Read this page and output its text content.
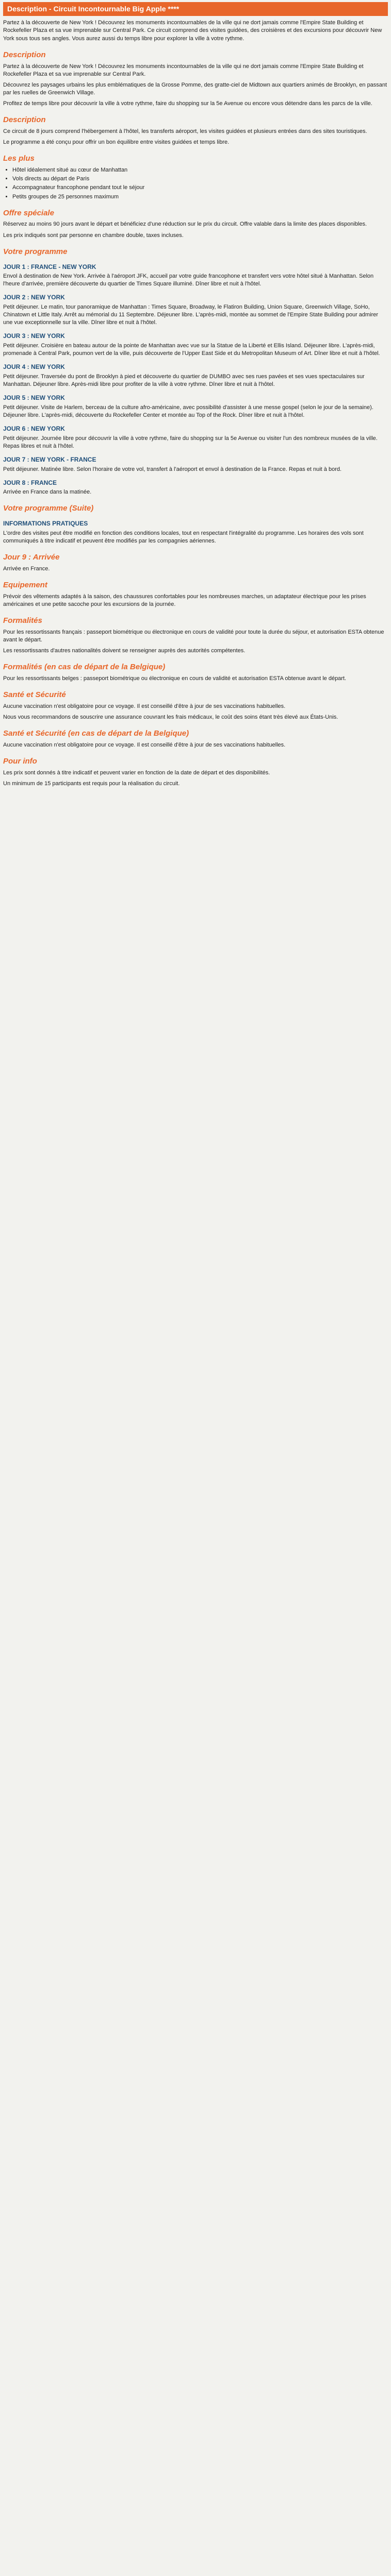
Description - Circuit Incontournable Big Apple ****

Partez à la découverte de New York ! Découvrez les monuments incontournables de la ville qui ne dort jamais comme l'Empire State Building et Rockefeller Plaza et sa vue imprenable sur Central Park. Ce circuit comprend des visites guidées, des croisières et des excursions pour découvrir New York sous tous ses angles. Vous aurez aussi du temps libre pour explorer la ville à votre rythme.

Description

Partez à la découverte de New York ! Découvrez les monuments incontournables de la ville qui ne dort jamais comme l'Empire State Building et Rockefeller Plaza et sa vue imprenable sur Central Park.

Découvrez les paysages urbains les plus emblématiques de la Grosse Pomme, des gratte-ciel de Midtown aux quartiers animés de Brooklyn, en passant par les ruelles de Greenwich Village.

Profitez de temps libre pour découvrir la ville à votre rythme, faire du shopping sur la 5e Avenue ou encore vous détendre dans les parcs de la ville.

Description

Ce circuit de 8 jours comprend l'hébergement à l'hôtel, les transferts aéroport, les visites guidées et plusieurs entrées dans des sites touristiques.

Le programme a été conçu pour offrir un bon équilibre entre visites guidées et temps libre.

Les plus
• Hôtel idéalement situé au cœur de Manhattan
• Vols directs au départ de Paris
• Accompagnateur francophone pendant tout le séjour
• Petits groupes de 25 personnes maximum
Offre spéciale

Réservez au moins 90 jours avant le départ et bénéficiez d'une réduction sur le prix du circuit. Offre valable dans la limite des places disponibles.

Les prix indiqués sont par personne en chambre double, taxes incluses.

Votre programme
JOUR 1 : FRANCE - NEW YORK

Envol à destination de New York. Arrivée à l'aéroport JFK, accueil par votre guide francophone et transfert vers votre hôtel situé à Manhattan. Selon l'heure d'arrivée, première découverte du quartier de Times Square illuminé. Dîner libre et nuit à l'hôtel.

JOUR 2 : NEW YORK

Petit déjeuner. Le matin, tour panoramique de Manhattan : Times Square, Broadway, le Flatiron Building, Union Square, Greenwich Village, SoHo, Chinatown et Little Italy. Arrêt au mémorial du 11 Septembre. Déjeuner libre. L'après-midi, montée au sommet de l'Empire State Building pour admirer une vue exceptionnelle sur la ville. Dîner libre et nuit à l'hôtel.

JOUR 3 : NEW YORK

Petit déjeuner. Croisière en bateau autour de la pointe de Manhattan avec vue sur la Statue de la Liberté et Ellis Island. Déjeuner libre. L'après-midi, promenade à Central Park, poumon vert de la ville, puis découverte de l'Upper East Side et du Metropolitan Museum of Art. Dîner libre et nuit à l'hôtel.

JOUR 4 : NEW YORK

Petit déjeuner. Traversée du pont de Brooklyn à pied et découverte du quartier de DUMBO avec ses rues pavées et ses vues spectaculaires sur Manhattan. Déjeuner libre. Après-midi libre pour profiter de la ville à votre rythme. Dîner libre et nuit à l'hôtel.

JOUR 5 : NEW YORK

Petit déjeuner. Visite de Harlem, berceau de la culture afro-américaine, avec possibilité d'assister à une messe gospel (selon le jour de la semaine). Déjeuner libre. L'après-midi, découverte du Rockefeller Center et montée au Top of the Rock. Dîner libre et nuit à l'hôtel.

JOUR 6 : NEW YORK

Petit déjeuner. Journée libre pour découvrir la ville à votre rythme, faire du shopping sur la 5e Avenue ou visiter l'un des nombreux musées de la ville. Repas libres et nuit à l'hôtel.

JOUR 7 : NEW YORK - FRANCE

Petit déjeuner. Matinée libre. Selon l'horaire de votre vol, transfert à l'aéroport et envol à destination de la France. Repas et nuit à bord.

JOUR 8 : FRANCE

Arrivée en France dans la matinée.

Votre programme (Suite)
INFORMATIONS PRATIQUES

L'ordre des visites peut être modifié en fonction des conditions locales, tout en respectant l'intégralité du programme. Les horaires des vols sont communiqués à titre indicatif et peuvent être modifiés par les compagnies aériennes.

Jour 9 : Arrivée

Arrivée en France.

Equipement

Prévoir des vêtements adaptés à la saison, des chaussures confortables pour les nombreuses marches, un adaptateur électrique pour les prises américaines et une petite sacoche pour les excursions de la journée.

Formalités

Pour les ressortissants français : passeport biométrique ou électronique en cours de validité pour toute la durée du séjour, et autorisation ESTA obtenue avant le départ.

Les ressortissants d'autres nationalités doivent se renseigner auprès des autorités compétentes.

Formalités (en cas de départ de la Belgique)

Pour les ressortissants belges : passeport biométrique ou électronique en cours de validité et autorisation ESTA obtenue avant le départ.

Santé et Sécurité

Aucune vaccination n'est obligatoire pour ce voyage. Il est conseillé d'être à jour de ses vaccinations habituelles.

Nous vous recommandons de souscrire une assurance couvrant les frais médicaux, le coût des soins étant très élevé aux États-Unis.

Santé et Sécurité (en cas de départ de la Belgique)

Aucune vaccination n'est obligatoire pour ce voyage. Il est conseillé d'être à jour de ses vaccinations habituelles.

Pour info

Les prix sont donnés à titre indicatif et peuvent varier en fonction de la date de départ et des disponibilités.

Un minimum de 15 participants est requis pour la réalisation du circuit.
